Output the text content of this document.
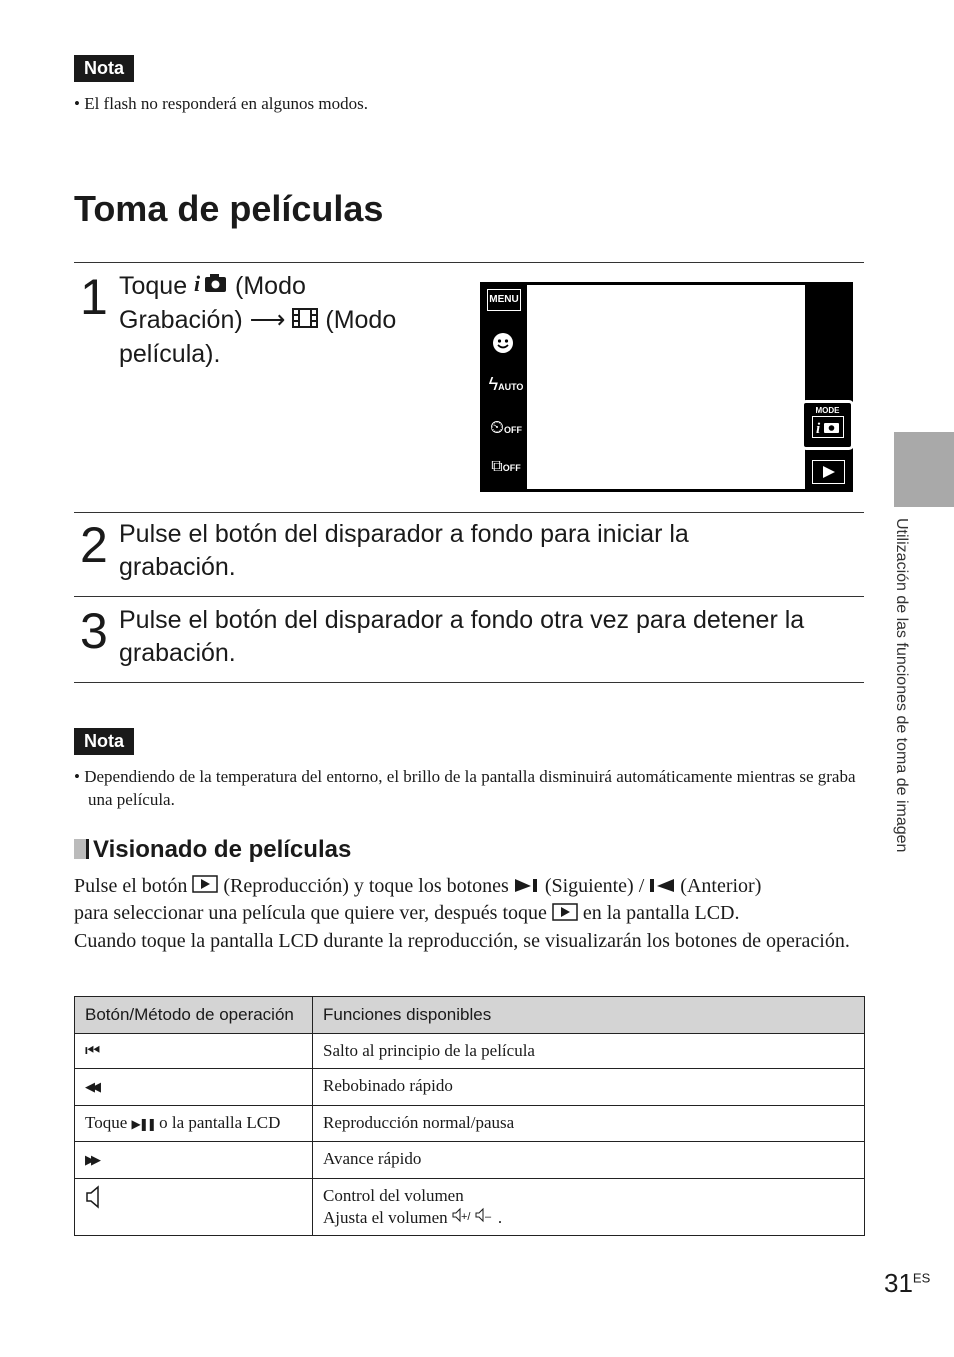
Nota
• El flash no responderá en algunos modos.
Toma de películas
1 Toque i (Modo
Grabación) ⟶ (Modo
película).
MENU
ϟAUTO
⏲OFF
⧉OFF
MODE
i
2 Pulse el botón del disparador a fondo para iniciar la grabación.
3 Pulse el botón del disparador a fondo otra vez para detener la grabación.
Nota
• Dependiendo de la temperatura del entorno, el brillo de la pantalla disminuirá automáticamente mientras se graba una película.
Visionado de películas
Pulse el botón (Reproducción) y toque los botones (Siguiente) / (Anterior)
para seleccionar una película que quiere ver, después toque en la pantalla LCD.
Cuando toque la pantalla LCD durante la reproducción, se visualizarán los botones de operación.
Botón/Método de operación	Funciones disponibles
⏮	Salto al principio de la película
◀◀	Rebobinado rápido
Toque ▶❚❚ o la pantalla LCD	Reproducción normal/pausa
▶▶	Avance rápido
	Control del volumen
Ajusta el volumen +/ – .
Utilización de las funciones de toma de imagen
$31^{ES}$
